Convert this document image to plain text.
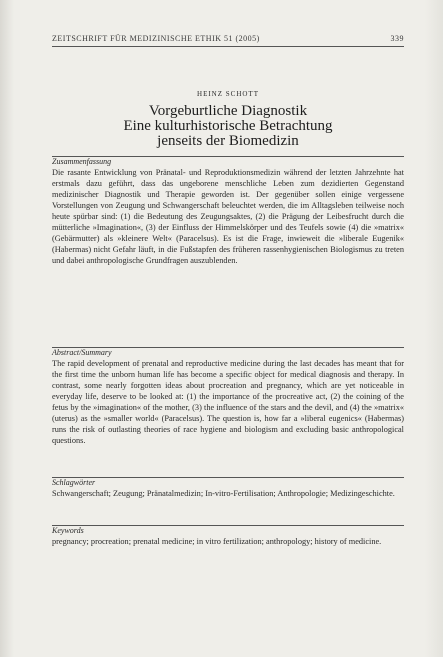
ZEITSCHRIFT FÜR MEDIZINISCHE ETHIK 51 (2005)	339
HEINZ SCHOTT
Vorgeburtliche Diagnostik
Eine kulturhistorische Betrachtung
jenseits der Biomedizin
Zusammenfassung
Die rasante Entwicklung von Pränatal- und Reproduktionsmedizin während der letzten Jahrzehnte hat erstmals dazu geführt, dass das ungeborene menschliche Leben zum dezidierten Gegenstand medizinischer Diagnostik und Therapie geworden ist. Der gegenüber sollen einige vergessene Vorstellungen von Zeugung und Schwangerschaft beleuchtet werden, die im Alltagsleben teilweise noch heute spürbar sind: (1) die Bedeutung des Zeugungsaktes, (2) die Prägung der Leibesfrucht durch die mütterliche »Imagination«, (3) der Einfluss der Himmelskörper und des Teufels sowie (4) die »matrix« (Gebärmutter) als »kleinere Welt« (Paracelsus). Es ist die Frage, inwieweit die »liberale Eugenik« (Habermas) nicht Gefahr läuft, in die Fußstapfen des früheren rassenhygienischen Biologismus zu treten und dabei anthropologische Grundfragen auszublenden.
Abstract/Summary
The rapid development of prenatal and reproductive medicine during the last decades has meant that for the first time the unborn human life has become a specific object for medical diagnosis and therapy. In contrast, some nearly forgotten ideas about procreation and pregnancy, which are yet noticeable in everyday life, deserve to be looked at: (1) the importance of the procreative act, (2) the coining of the fetus by the »imagination« of the mother, (3) the influence of the stars and the devil, and (4) the »matrix« (uterus) as the »smaller world« (Paracelsus). The question is, how far a »liberal eugenics« (Habermas) runs the risk of outlasting theories of race hygiene and biologism and excluding basic anthropological questions.
Schlagwörter
Schwangerschaft; Zeugung; Pränatalmedizin; In-vitro-Fertilisation; Anthropologie; Medizingeschichte.
Keywords
pregnancy; procreation; prenatal medicine; in vitro fertilization; anthropology; history of medicine.
